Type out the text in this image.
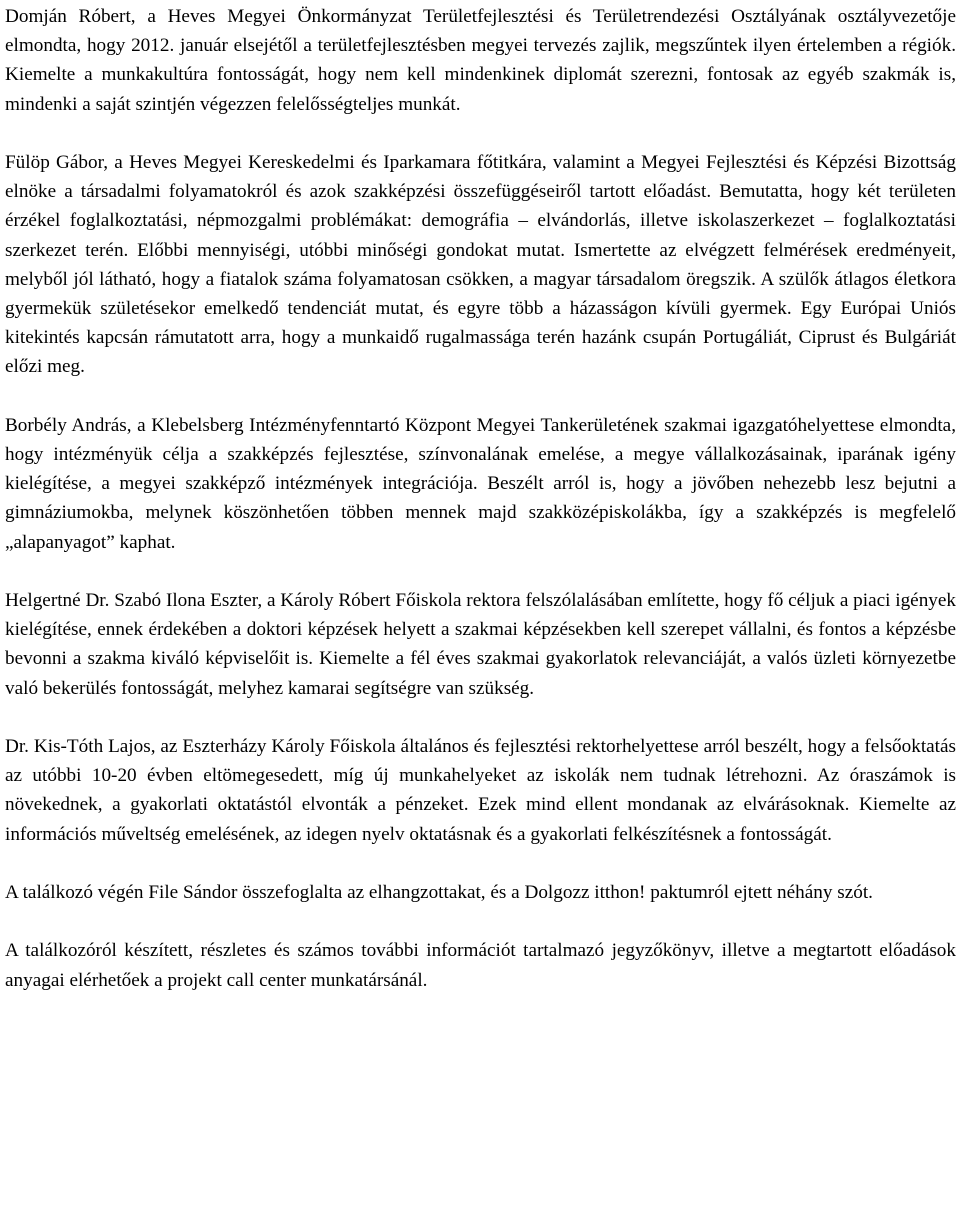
Domján Róbert, a Heves Megyei Önkormányzat Területfejlesztési és Területrendezési Osztályának osztályvezetője elmondta, hogy 2012. január elsejétől a területfejlesztésben megyei tervezés zajlik, megszűntek ilyen értelemben a régiók. Kiemelte a munkakultúra fontosságát, hogy nem kell mindenkinek diplomát szerezni, fontosak az egyéb szakmák is, mindenki a saját szintjén végezzen felelősségteljes munkát.

Fülöp Gábor, a Heves Megyei Kereskedelmi és Iparkamara főtitkára, valamint a Megyei Fejlesztési és Képzési Bizottság elnöke a társadalmi folyamatokról és azok szakképzési összefüggéseiről tartott előadást. Bemutatta, hogy két területen érzékel foglalkoztatási, népmozgalmi problémákat: demográfia – elvándorlás, illetve iskolaszerkezet – foglalkoztatási szerkezet terén. Előbbi mennyiségi, utóbbi minőségi gondokat mutat. Ismertette az elvégzett felmérések eredményeit, melyből jól látható, hogy a fiatalok száma folyamatosan csökken, a magyar társadalom öregszik. A szülők átlagos életkora gyermekük születésekor emelkedő tendenciát mutat, és egyre több a házasságon kívüli gyermek. Egy Európai Uniós kitekintés kapcsán rámutatott arra, hogy a munkaidő rugalmassága terén hazánk csupán Portugáliát, Ciprust és Bulgáriát előzi meg.

Borbély András, a Klebelsberg Intézményfenntartó Központ Megyei Tankerületének szakmai igazgatóhelyettese elmondta, hogy intézményük célja a szakképzés fejlesztése, színvonalának emelése, a megye vállalkozásainak, iparának igény kielégítése, a megyei szakképző intézmények integrációja. Beszélt arról is, hogy a jövőben nehezebb lesz bejutni a gimnáziumokba, melynek köszönhetően többen mennek majd szakközépiskolákba, így a szakképzés is megfelelő „alapanyagot” kaphat.

Helgertné Dr. Szabó Ilona Eszter, a Károly Róbert Főiskola rektora felszólalásában említette, hogy fő céljuk a piaci igények kielégítése, ennek érdekében a doktori képzések helyett a szakmai képzésekben kell szerepet vállalni, és fontos a képzésbe bevonni a szakma kiváló képviselőit is. Kiemelte a fél éves szakmai gyakorlatok relevanciáját, a valós üzleti környezetbe való bekerülés fontosságát, melyhez kamarai segítségre van szükség.

Dr. Kis-Tóth Lajos, az Eszterházy Károly Főiskola általános és fejlesztési rektorhelyettese arról beszélt, hogy a felsőoktatás az utóbbi 10-20 évben eltömegesedett, míg új munkahelyeket az iskolák nem tudnak létrehozni. Az óraszámok is növekednek, a gyakorlati oktatástól elvonták a pénzeket. Ezek mind ellent mondanak az elvárásoknak. Kiemelte az információs műveltség emelésének, az idegen nyelv oktatásnak és a gyakorlati felkészítésnek a fontosságát.

A találkozó végén File Sándor összefoglalta az elhangzottakat, és a Dolgozz itthon! paktumról ejtett néhány szót.

A találkozóról készített, részletes és számos további információt tartalmazó jegyzőkönyv, illetve a megtartott előadások anyagai elérhetőek a projekt call center munkatársánál.
